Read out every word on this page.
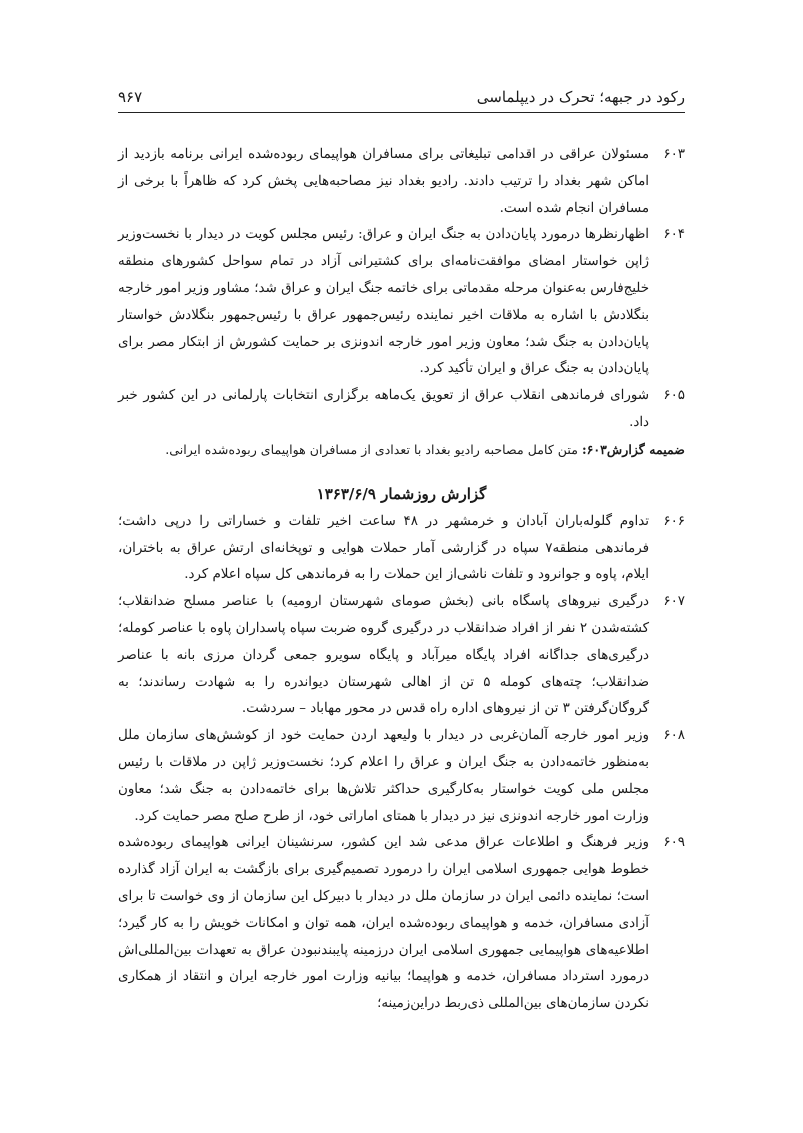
رکود در جبهه؛ تحرک در دیپلماسی
۹۶۷
۶۰۳
مسئولان عراقی در اقدامی تبلیغاتی برای مسافران هواپیمای ربوده‌شده ایرانی برنامه بازدید از اماکن شهر بغداد را ترتیب دادند. رادیو بغداد نیز مصاحبه‌هایی پخش کرد که ظاهراً با برخی از مسافران انجام شده است.
۶۰۴
اظهارنظرها درمورد پایان‌دادن به جنگ ایران و عراق: رئیس مجلس کویت در دیدار با نخست‌وزیر ژاپن خواستار امضای موافقت‌نامه‌ای برای کشتیرانی آزاد در تمام سواحل کشورهای منطقه خلیج‌فارس به‌عنوان مرحله مقدماتی برای خاتمه جنگ ایران و عراق شد؛ مشاور وزیر امور خارجه بنگلادش با اشاره به ملاقات اخیر نماینده رئیس‌جمهور عراق با رئیس‌جمهور بنگلادش خواستار پایان‌دادن به جنگ شد؛ معاون وزیر امور خارجه اندونزی بر حمایت کشورش از ابتکار مصر برای پایان‌دادن به جنگ عراق و ایران تأکید کرد.
۶۰۵
شورای فرماندهی انقلاب عراق از تعویق یک‌ماهه برگزاری انتخابات پارلمانی در این کشور خبر داد.

ضمیمه گزارش۶۰۳: متن کامل مصاحبه رادیو بغداد با تعدادی از مسافران هواپیمای ربوده‌شده ایرانی.

گزارش روزشمار ۱۳۶۳/۶/۹
۶۰۶
تداوم گلوله‌باران آبادان و خرمشهر در ۴۸ ساعت اخیر تلفات و خساراتی را درپی داشت؛ فرماندهی منطقه۷ سپاه در گزارشی آمار حملات هوایی و توپخانه‌ای ارتش عراق به باختران، ایلام، پاوه و جوانرود و تلفات ناشی‌از این حملات را به فرماندهی کل سپاه اعلام کرد.
۶۰۷
درگیری نیروهای پاسگاه بانی (بخش صومای شهرستان ارومیه) با عناصر مسلح ضدانقلاب؛ کشته‌شدن ۲ نفر از افراد ضدانقلاب در درگیری گروه ضربت سپاه پاسداران پاوه با عناصر کومله؛ درگیری‌های جداگانه افراد پایگاه میرآباد و پایگاه سویرو جمعی گردان مرزی بانه با عناصر ضدانقلاب؛ چته‌های کومله ۵ تن از اهالی شهرستان دیواندره را به شهادت رساندند؛ به گروگان‌گرفتن ۳ تن از نیروهای اداره راه قدس در محور مهاباد – سردشت.
۶۰۸
وزیر امور خارجه آلمان‌غربی در دیدار با ولیعهد اردن حمایت خود از کوشش‌های سازمان ملل به‌منظور خاتمه‌دادن به جنگ ایران و عراق را اعلام کرد؛ نخست‌وزیر ژاپن در ملاقات با رئیس مجلس ملی کویت خواستار به‌کارگیری حداکثر تلاش‌ها برای خاتمه‌دادن به جنگ شد؛ معاون وزارت امور خارجه اندونزی نیز در دیدار با همتای اماراتی خود، از طرح صلح مصر حمایت کرد.
۶۰۹
وزیر فرهنگ و اطلاعات عراق مدعی شد این کشور، سرنشینان ایرانی هواپیمای ربوده‌شده خطوط هوایی جمهوری اسلامی ایران را درمورد تصمیم‌گیری برای بازگشت به ایران آزاد گذارده است؛ نماینده دائمی ایران در سازمان ملل در دیدار با دبیرکل این سازمان از وی خواست تا برای آزادی مسافران، خدمه و هواپیمای ربوده‌شده ایران، همه توان و امکانات خویش را به کار گیرد؛ اطلاعیه‌های هواپیمایی جمهوری اسلامی ایران درزمینه پایبندنبودن عراق به تعهدات بین‌المللی‌اش درمورد استرداد مسافران، خدمه و هواپیما؛ بیانیه وزارت امور خارجه ایران و انتقاد از همکاری نکردن سازمان‌های بین‌المللی ذی‌ربط دراین‌زمینه؛
